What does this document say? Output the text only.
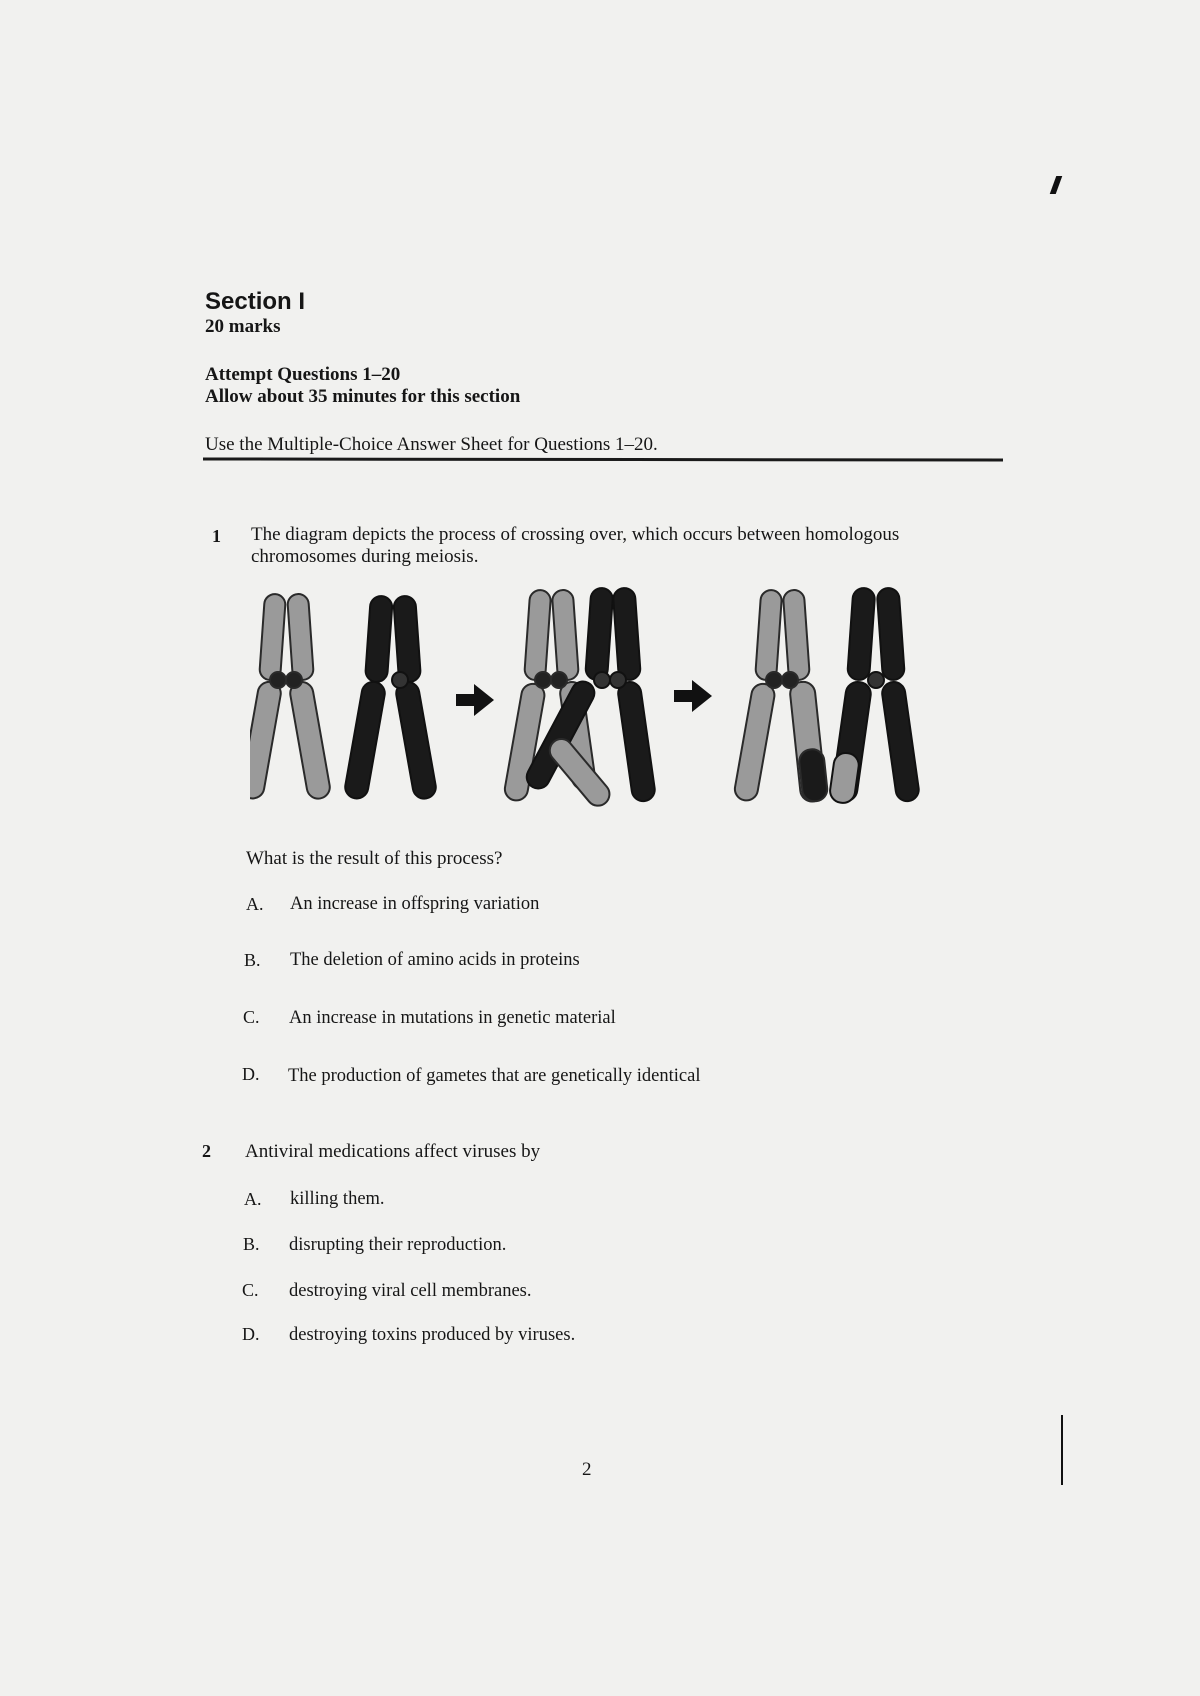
Section I
20 marks
Attempt Questions 1–20
Allow about 35 minutes for this section
Use the Multiple-Choice Answer Sheet for Questions 1–20.
1 The diagram depicts the process of crossing over, which occurs between homologous
chromosomes during meiosis.
What is the result of this process?
A. An increase in offspring variation
B. The deletion of amino acids in proteins
C. An increase in mutations in genetic material
D. The production of gametes that are genetically identical
2 Antiviral medications affect viruses by
A. killing them.
B. disrupting their reproduction.
C. destroying viral cell membranes.
D. destroying toxins produced by viruses.
2
